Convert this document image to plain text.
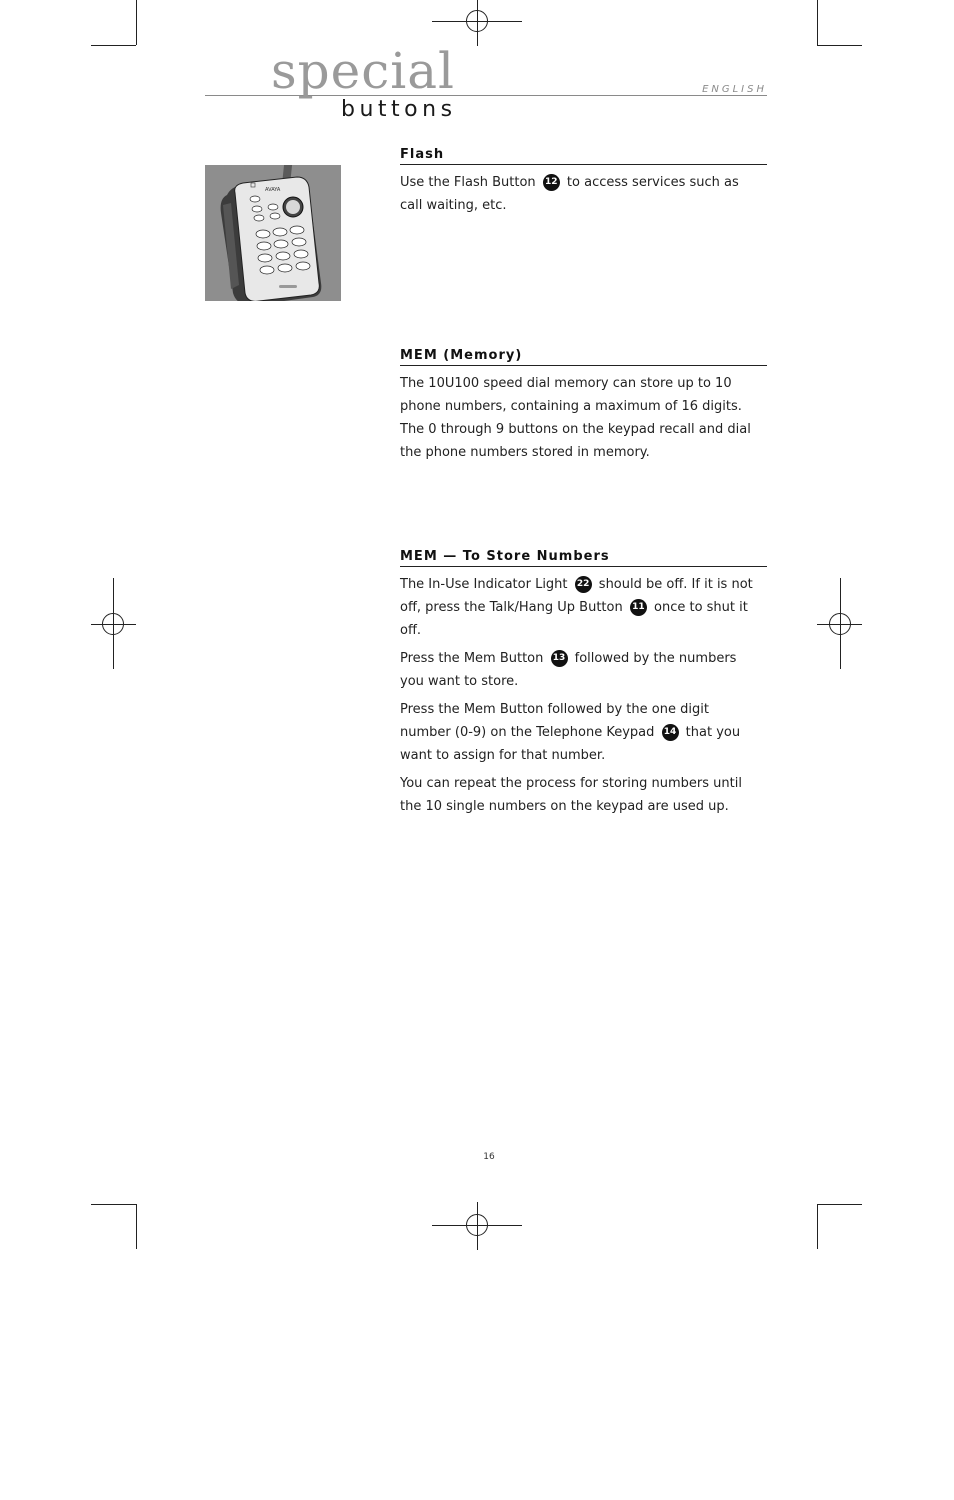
special
buttons
ENGLISH
AVAYA
Flash

Use the Flash Button 12 to access services such as call waiting, etc.

MEM (Memory)

The 10U100 speed dial memory can store up to 10 phone numbers, containing a maximum of 16 digits. The 0 through 9 buttons on the keypad recall and dial the phone numbers stored in memory.

MEM — To Store Numbers

The In-Use Indicator Light 22 should be off. If it is not off, press the Talk/Hang Up Button 11 once to shut it off.

Press the Mem Button 13 followed by the numbers you want to store.

Press the Mem Button followed by the one digit number (0-9) on the Telephone Keypad 14 that you want to assign for that number.

You can repeat the process for storing numbers until the 10 single numbers on the keypad are used up.

16
